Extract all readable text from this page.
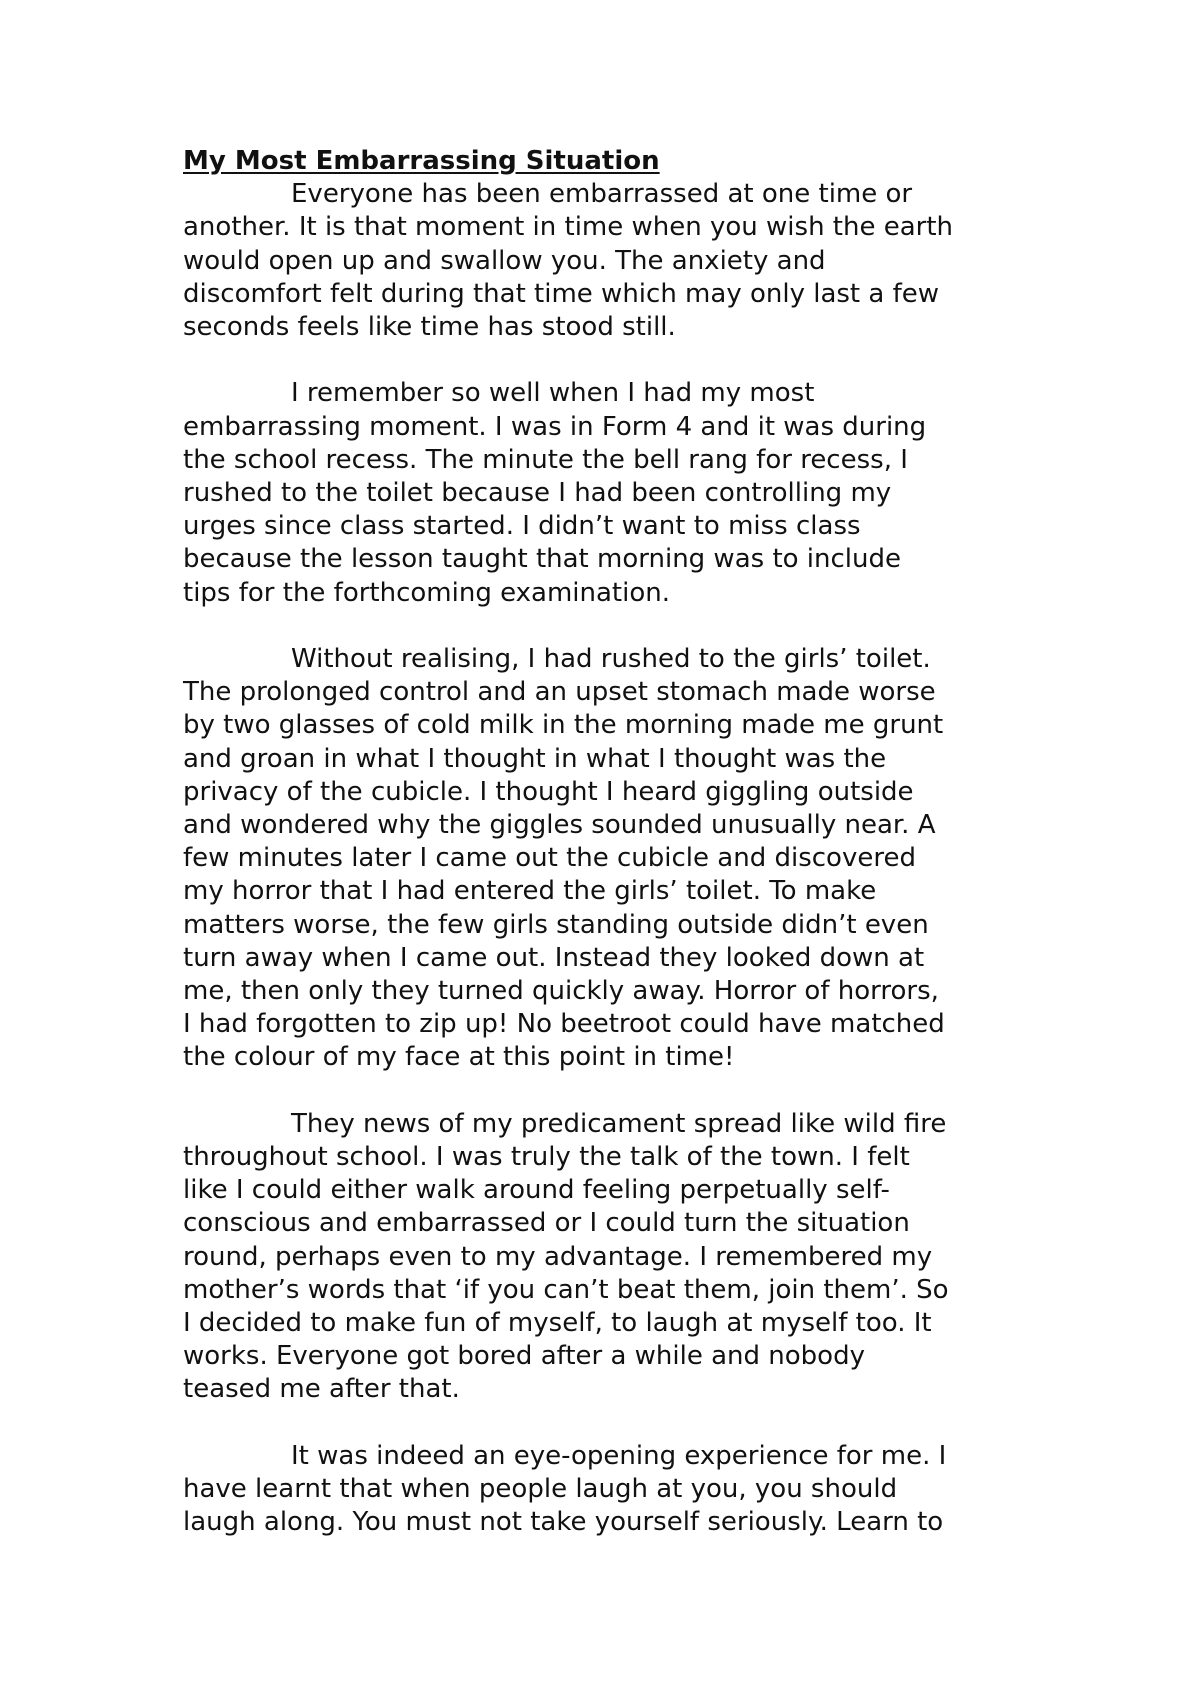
My Most Embarrassing Situation
Everyone has been embarrassed at one time or
another. It is that moment in time when you wish the earth
would open up and swallow you. The anxiety and
discomfort felt during that time which may only last a few
seconds feels like time has stood still.
I remember so well when I had my most
embarrassing moment. I was in Form 4 and it was during
the school recess. The minute the bell rang for recess, I
rushed to the toilet because I had been controlling my
urges since class started. I didn’t want to miss class
because the lesson taught that morning was to include
tips for the forthcoming examination.
Without realising, I had rushed to the girls’ toilet.
The prolonged control and an upset stomach made worse
by two glasses of cold milk in the morning made me grunt
and groan in what I thought in what I thought was the
privacy of the cubicle. I thought I heard giggling outside
and wondered why the giggles sounded unusually near. A
few minutes later I came out the cubicle and discovered
my horror that I had entered the girls’ toilet. To make
matters worse, the few girls standing outside didn’t even
turn away when I came out. Instead they looked down at
me, then only they turned quickly away. Horror of horrors,
I had forgotten to zip up! No beetroot could have matched
the colour of my face at this point in time!
They news of my predicament spread like wild fire
throughout school. I was truly the talk of the town. I felt
like I could either walk around feeling perpetually self-
conscious and embarrassed or I could turn the situation
round, perhaps even to my advantage. I remembered my
mother’s words that ‘if you can’t beat them, join them’. So
I decided to make fun of myself, to laugh at myself too. It
works. Everyone got bored after a while and nobody
teased me after that.
It was indeed an eye-opening experience for me. I
have learnt that when people laugh at you, you should
laugh along. You must not take yourself seriously. Learn to
